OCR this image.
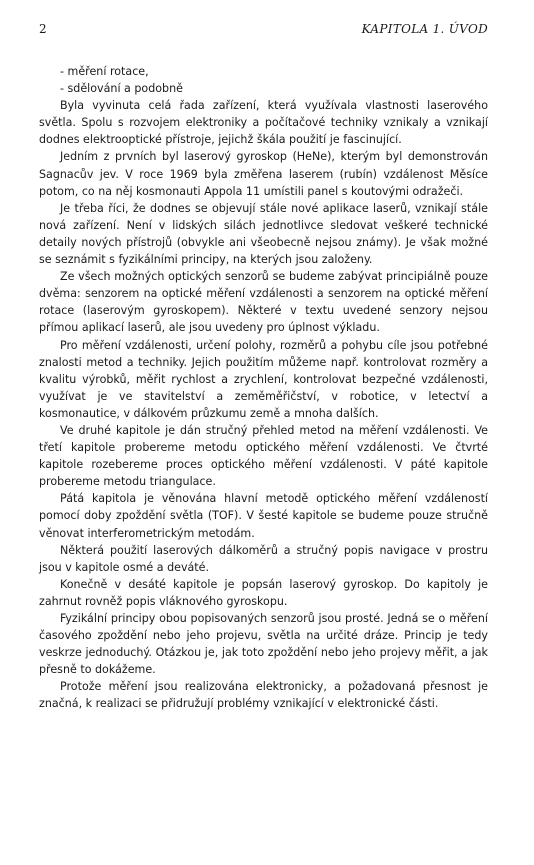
2	KAPITOLA 1. ÚVOD

- měření rotace,

- sdělování a podobně

Byla vyvinuta celá řada zařízení, která využívala vlastnosti laserového světla. Spolu s rozvojem elektroniky a počítačové techniky vznikaly a vznikají dodnes elektrooptické přístroje, jejichž škála použití je fascinující.

Jedním z prvních byl laserový gyroskop (HeNe), kterým byl demonstrován Sagnacův jev. V roce 1969 byla změřena laserem (rubín) vzdálenost Měsíce potom, co na něj kosmonauti Appola 11 umístili panel s koutovými odražeči.

Je třeba říci, že dodnes se objevují stále nové aplikace laserů, vznikají stále nová zařízení. Není v lidských silách jednotlivce sledovat veškeré technické detaily nových přístrojů (obvykle ani všeobecně nejsou známy). Je však možné se seznámit s fyzikálními principy, na kterých jsou založeny.

Ze všech možných optických senzorů se budeme zabývat principiálně pouze dvěma: senzorem na optické měření vzdálenosti a senzorem na optické měření rotace (laserovým gyroskopem). Některé v textu uvedené senzory nejsou přímou aplikací laserů, ale jsou uvedeny pro úplnost výkladu.

Pro měření vzdálenosti, určení polohy, rozměrů a pohybu cíle jsou potřebné znalosti metod a techniky. Jejich použitím můžeme např. kontrolovat rozměry a kvalitu výrobků, měřit rychlost a zrychlení, kontrolovat bezpečné vzdálenosti, využívat je ve stavitelství a zeměměřičství, v robotice, v letectví a kosmonautice, v dálkovém průzkumu země a mnoha dalších.

Ve druhé kapitole je dán stručný přehled metod na měření vzdálenosti. Ve třetí kapitole probereme metodu optického měření vzdálenosti. Ve čtvrté kapitole rozebereme proces optického měření vzdálenosti. V páté kapitole probereme metodu triangulace.

Pátá kapitola je věnována hlavní metodě optického měření vzdáleností pomocí doby zpoždění světla (TOF). V šesté kapitole se budeme pouze stručně věnovat interferometrickým metodám.

Některá použití laserových dálkoměrů a stručný popis navigace v prostru jsou v kapitole osmé a deváté.

Konečně v desáté kapitole je popsán laserový gyroskop. Do kapitoly je zahrnut rovněž popis vláknového gyroskopu.

Fyzikální principy obou popisovaných senzorů jsou prosté. Jedná se o měření časového zpoždění nebo jeho projevu, světla na určité dráze. Princip je tedy veskrze jednoduchý. Otázkou je, jak toto zpoždění nebo jeho projevy měřit, a jak přesně to dokážeme.

Protože měření jsou realizována elektronicky, a požadovaná přesnost je značná, k realizaci se přidružují problémy vznikající v elektronické části.
